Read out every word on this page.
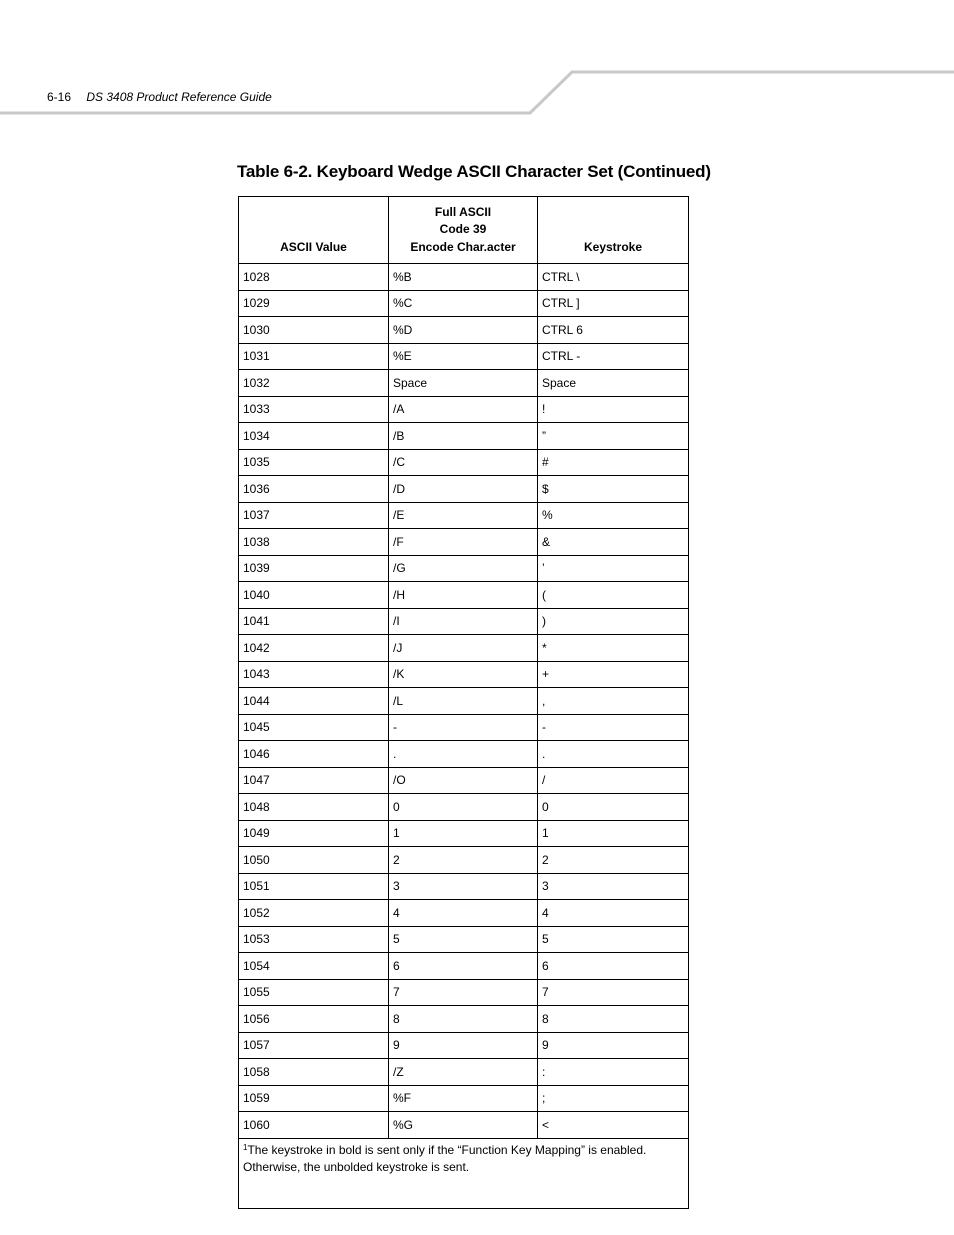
6-16 DS 3408 Product Reference Guide
Table 6-2. Keyboard Wedge ASCII Character Set (Continued)
ASCII Value	Full ASCII
Code 39
Encode Char.acter	Keystroke
1028	%B	CTRL \
1029	%C	CTRL ]
1030	%D	CTRL 6
1031	%E	CTRL -
1032	Space	Space
1033	/A	!
1034	/B	”
1035	/C	#
1036	/D	$
1037	/E	%
1038	/F	&
1039	/G	’
1040	/H	(
1041	/I	)
1042	/J	*
1043	/K	+
1044	/L	,
1045	-	-
1046	.	.
1047	/O	/
1048	0	0
1049	1	1
1050	2	2
1051	3	3
1052	4	4
1053	5	5
1054	6	6
1055	7	7
1056	8	8
1057	9	9
1058	/Z	:
1059	%F	;
1060	%G	<
$^1$The keystroke in bold is sent only if the “Function Key Mapping” is enabled. Otherwise, the unbolded keystroke is sent.		
